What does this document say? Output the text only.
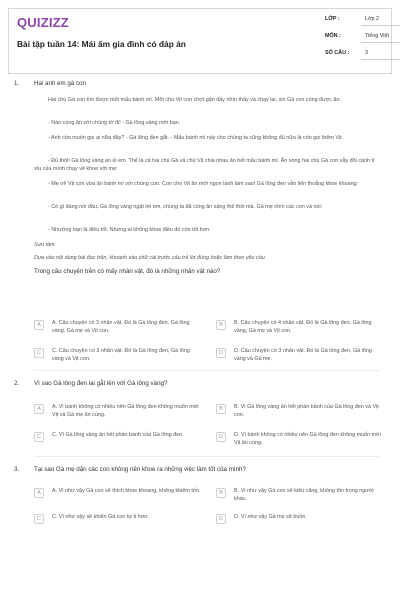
QUIZIZZ
Bài tập tuần 14: Mái ấm gia đình có đáp án
LỚP :	Lớp 2
MÔN :	Tiếng Việt
SỐ CÂU :	3
1. Hai anh em gà con
Hai chú Gà con tìm được một mẩu bánh mì. Một chú Vịt con chợt gặn đấy nhìn thấy và chạy lại, xin Gà con cùng được ăn:
- Nào cùng ăn với chúng tớ đi! - Gà lông vàng mời bạn.
- Anh còn muốn gọi ai nữa đấy? - Gà lông đen gắt. - Mẩu bánh mì này cho chúng ta cũng không đủ nữa là còn gọi thêm Vịt.
- Đủ thôi! Gà lông vàng an ủi em. Thế là cả hai chú Gà và chú Vịt chia nhau ăn hết mẩu bánh mì. Ăn xong hai chú Gà con vẫy đôi cánh tí xíu của mình chạy về khoe với mẹ:
- Mẹ ơi! Vịt con vừa ăn bánh mì với chúng con. Con cho Vịt ăn mới ngon lành làm sao! Gà lông đen vẫn liến thoắng khoe khoang:
- Có gì đáng nói đâu, Gà lông vàng ngật lợi em, chúng ta đã cùng ăn sáng thế thôi mà. Gà mẹ nhìn các con và nói:
- Nhường bạn là điều tốt. Nhưng ai không khoe điều đó còn tốt hơn.
Sưu tầm.
Dựa vào nội dung bài đọc trên, khoanh vào chữ cái trước câu trả lời đúng hoặc làm theo yêu cầu.
Trong câu chuyện trên có mấy nhân vật, đó là những nhân vật nào?
A	A. Câu chuyện có 3 nhân vật. Đó là Gà lông đen, Gà lông vàng, Gà mẹ và Vịt con.
B	B. Câu chuyện có 4 nhân vật. Đó là Gà lông đen, Gà lông vàng, Gà mẹ và Vịt con.
C	C. Câu chuyện có 3 nhân vật. Đó là Gà lông đen, Gà lông vàng và Vịt con.
D	D. Câu chuyện có 3 nhân vật. Đó là Gà lông đen, Gà lông vàng và Gà mẹ.
2. Vì sao Gà lông đen lại gắt lên với Gà lông vàng?
A	A. Vì bánh không có nhiều nên Gà lông đen không muốn mời Vịt và Gà mẹ ăn cùng.
B	B. Vì Gà lông vàng ăn hết phần bánh của Gà lông đen và Vịt con.
C	C. Vì Gà lông vàng ăn hết phần bánh của Gà lông đen.	D	D. Vì bánh không có nhiều nên Gà lông đen không muốn mời Vịt ăn cùng.
3. Tại sao Gà mẹ dặn các con không nên khoe ra những việc làm tốt của mình?
A	A. Vì như vậy Gà con sẽ thích khoe khoang, không khiêm tốn.	B	B. Vì như vậy Gà con sẽ kiêu căng, không tôn trọng người khác.
C	C. Vì như vậy sẽ khiến Gà con tự ti hơn.	D	D. Vì như vậy Gà mẹ sẽ buồn.
